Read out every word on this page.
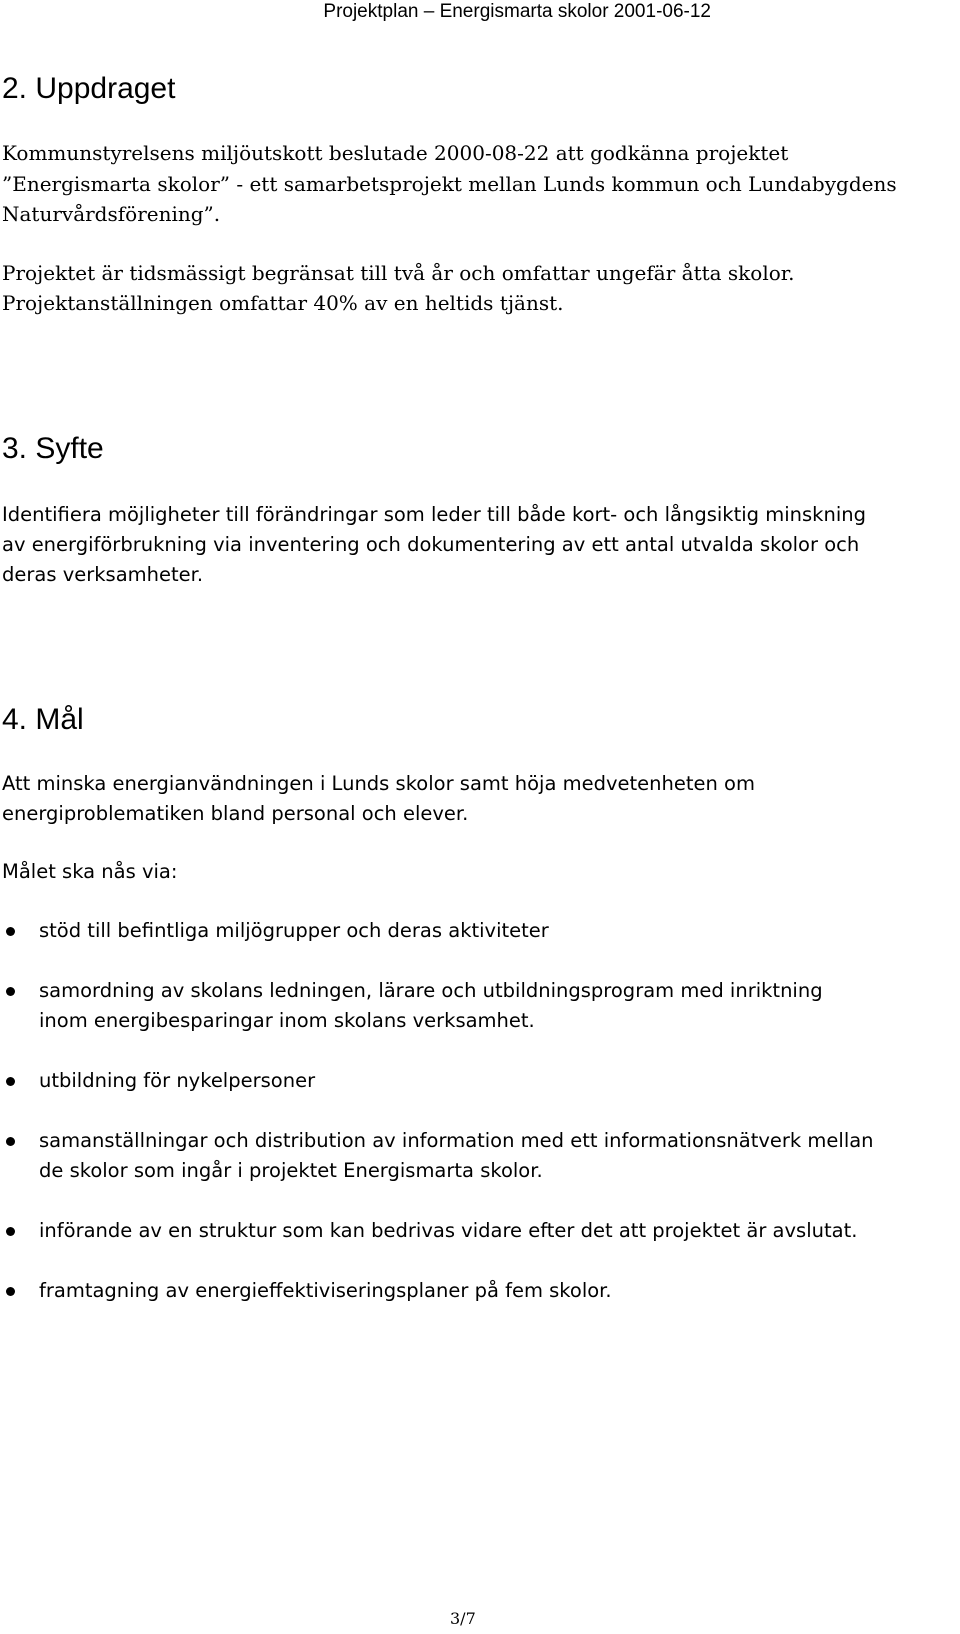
Projektplan – Energismarta skolor 2001-06-12
2. Uppdraget
Kommunstyrelsens miljöutskott beslutade 2000-08-22 att godkänna projektet
”Energismarta skolor” - ett samarbetsprojekt mellan Lunds kommun och Lundabygdens
Naturvårdsförening”.
Projektet är tidsmässigt begränsat till två år och omfattar ungefär åtta skolor.
Projektanställningen omfattar 40% av en heltids tjänst.
3. Syfte
Identifiera möjligheter till förändringar som leder till både kort- och långsiktig minskning
av energiförbrukning via inventering och dokumentering av ett antal utvalda skolor och
deras verksamheter.
4. Mål
Att minska energianvändningen i Lunds skolor samt höja medvetenheten om
energiproblematiken bland personal och elever.
Målet ska nås via:
stöd till befintliga miljögrupper och deras aktiviteter
samordning av skolans ledningen, lärare och utbildningsprogram med inriktning
inom energibesparingar inom skolans verksamhet.
utbildning för nykelpersoner
samanställningar och distribution av information med ett informationsnätverk mellan
de skolor som ingår i projektet Energismarta skolor.
införande av en struktur som kan bedrivas vidare efter det att projektet är avslutat.
framtagning av energieffektiviseringsplaner på fem skolor.
3/7
